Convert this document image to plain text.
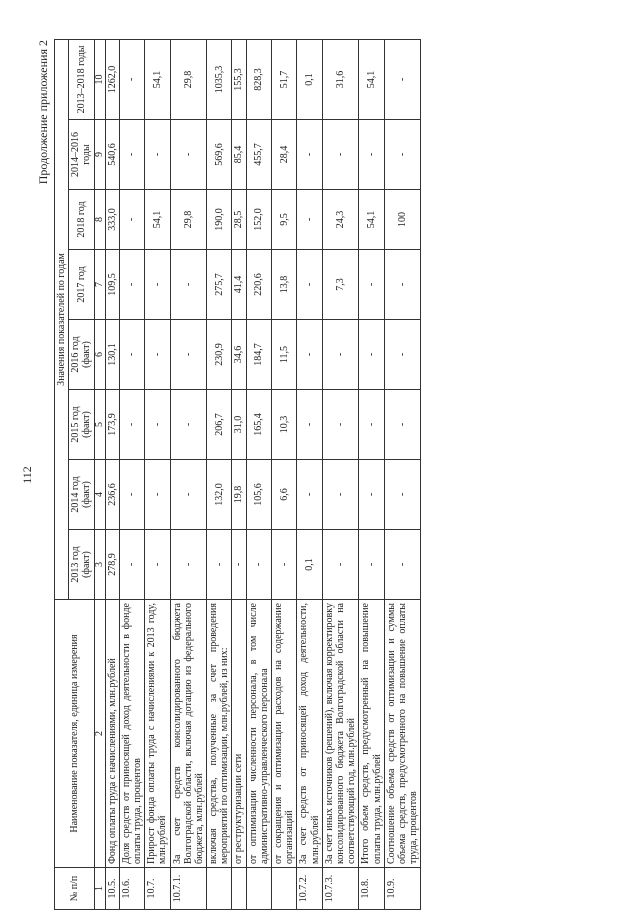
112
Продолжение приложения 2
№ п/п	Наименование показателя, единица измерения	Значения показателей по годам							
		2013 год (факт)	2014 год (факт)	2015 год (факт)	2016 год (факт)	2017 год	2018 год	2014–2016 годы	2013–2018 годы
1	2	3	4	5	6	7	8	9	10
10.5.	Фонд оплаты труда с начислениями, млн.рублей	278,9	236,6	173,9	130,1	109,5	333,0	540,6	1262,0
10.6.	Доля средств от приносящей доход деятельности в фонде оплаты труда, процентов	-	-	-	-	-	-	-	-
10.7.	Прирост фонда оплаты труда с начислениями к 2013 году, млн.рублей	-	-	-	-	-	54,1	-	54,1
10.7.1.	За счет средств консолидированного бюджета Волгоградской области, включая дотацию из федерального бюджета, млн.рублей	-	-	-	-	-	29,8	-	29,8
	включая средства, полученные за счет проведения мероприятий по оптимизации, млн.рублей, из них:	-	132,0	206,7	230,9	275,7	190,0	569,6	1035,3
	от реструктуризации сети	-	19,8	31,0	34,6	41,4	28,5	85,4	155,3
	от оптимизации численности персонала, в том числе административно-управленческого персонала	-	105,6	165,4	184,7	220,6	152,0	455,7	828,3
	от сокращения и оптимизации расходов на содержание организаций	-	6,6	10,3	11,5	13,8	9,5	28,4	51,7
10.7.2.	За счет средств от приносящей доход деятельности, млн.рублей	0,1	-	-	-	-	-	-	0,1
10.7.3.	За счет иных источников (решений), включая корректировку консолидированного бюджета Волгоградской области на соответствующий год, млн.рублей	-	-	-	-	7,3	24,3	-	31,6
10.8.	Итого объем средств, предусмотренный на повышение оплаты труда, млн.рублей	-	-	-	-	-	54,1	-	54,1
10.9.	Соотношение объема средств от оптимизации и суммы объема средств, предусмотренного на повышение оплаты труда, процентов	-	-	-	-	-	100	-	-
